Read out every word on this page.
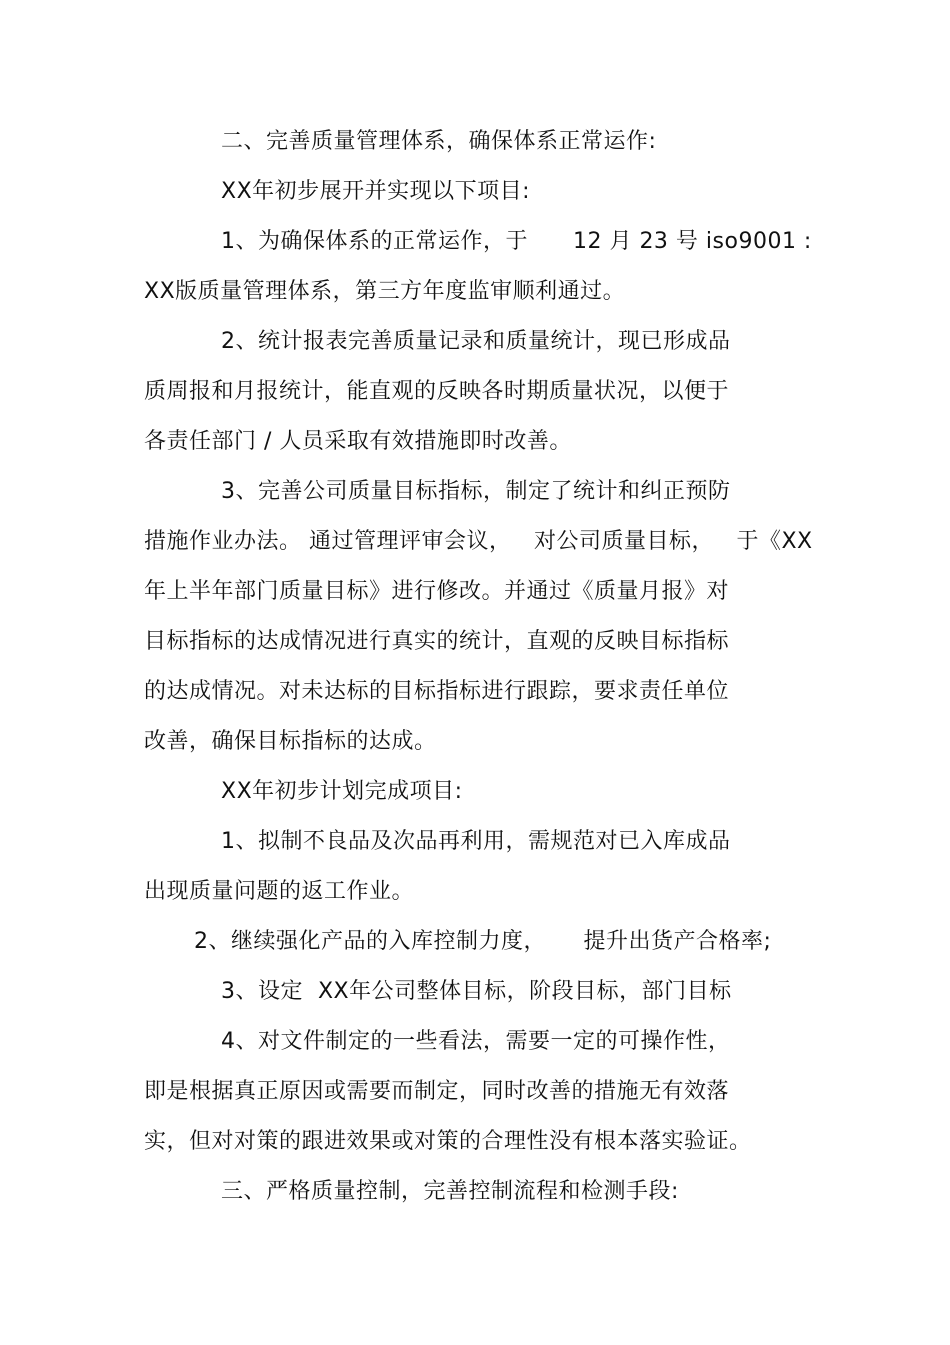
二、完善质量管理体系，确保体系正常运作:
XX年初步展开并实现以下项目:
1、为确保体系的正常运作，于      12 月 23 号 iso9001 :
XX版质量管理体系，第三方年度监审顺利通过。
2、统计报表完善质量记录和质量统计，现已形成品
质周报和月报统计，能直观的反映各时期质量状况，以便于
各责任部门 / 人员采取有效措施即时改善。
3、完善公司质量目标指标，制定了统计和纠正预防
措施作业办法。 通过管理评审会议，   对公司质量目标，   于《XX
年上半年部门质量目标》进行修改。并通过《质量月报》对
目标指标的达成情况进行真实的统计，直观的反映目标指标
的达成情况。对未达标的目标指标进行跟踪，要求责任单位
改善，确保目标指标的达成。
XX年初步计划完成项目:
1、拟制不良品及次品再利用，需规范对已入库成品
出现质量问题的返工作业。
2、继续强化产品的入库控制力度，     提升出货产合格率;
3、设定  XX年公司整体目标，阶段目标，部门目标
4、对文件制定的一些看法，需要一定的可操作性，
即是根据真正原因或需要而制定，同时改善的措施无有效落
实，但对对策的跟进效果或对策的合理性没有根本落实验证。
三、严格质量控制，完善控制流程和检测手段:
